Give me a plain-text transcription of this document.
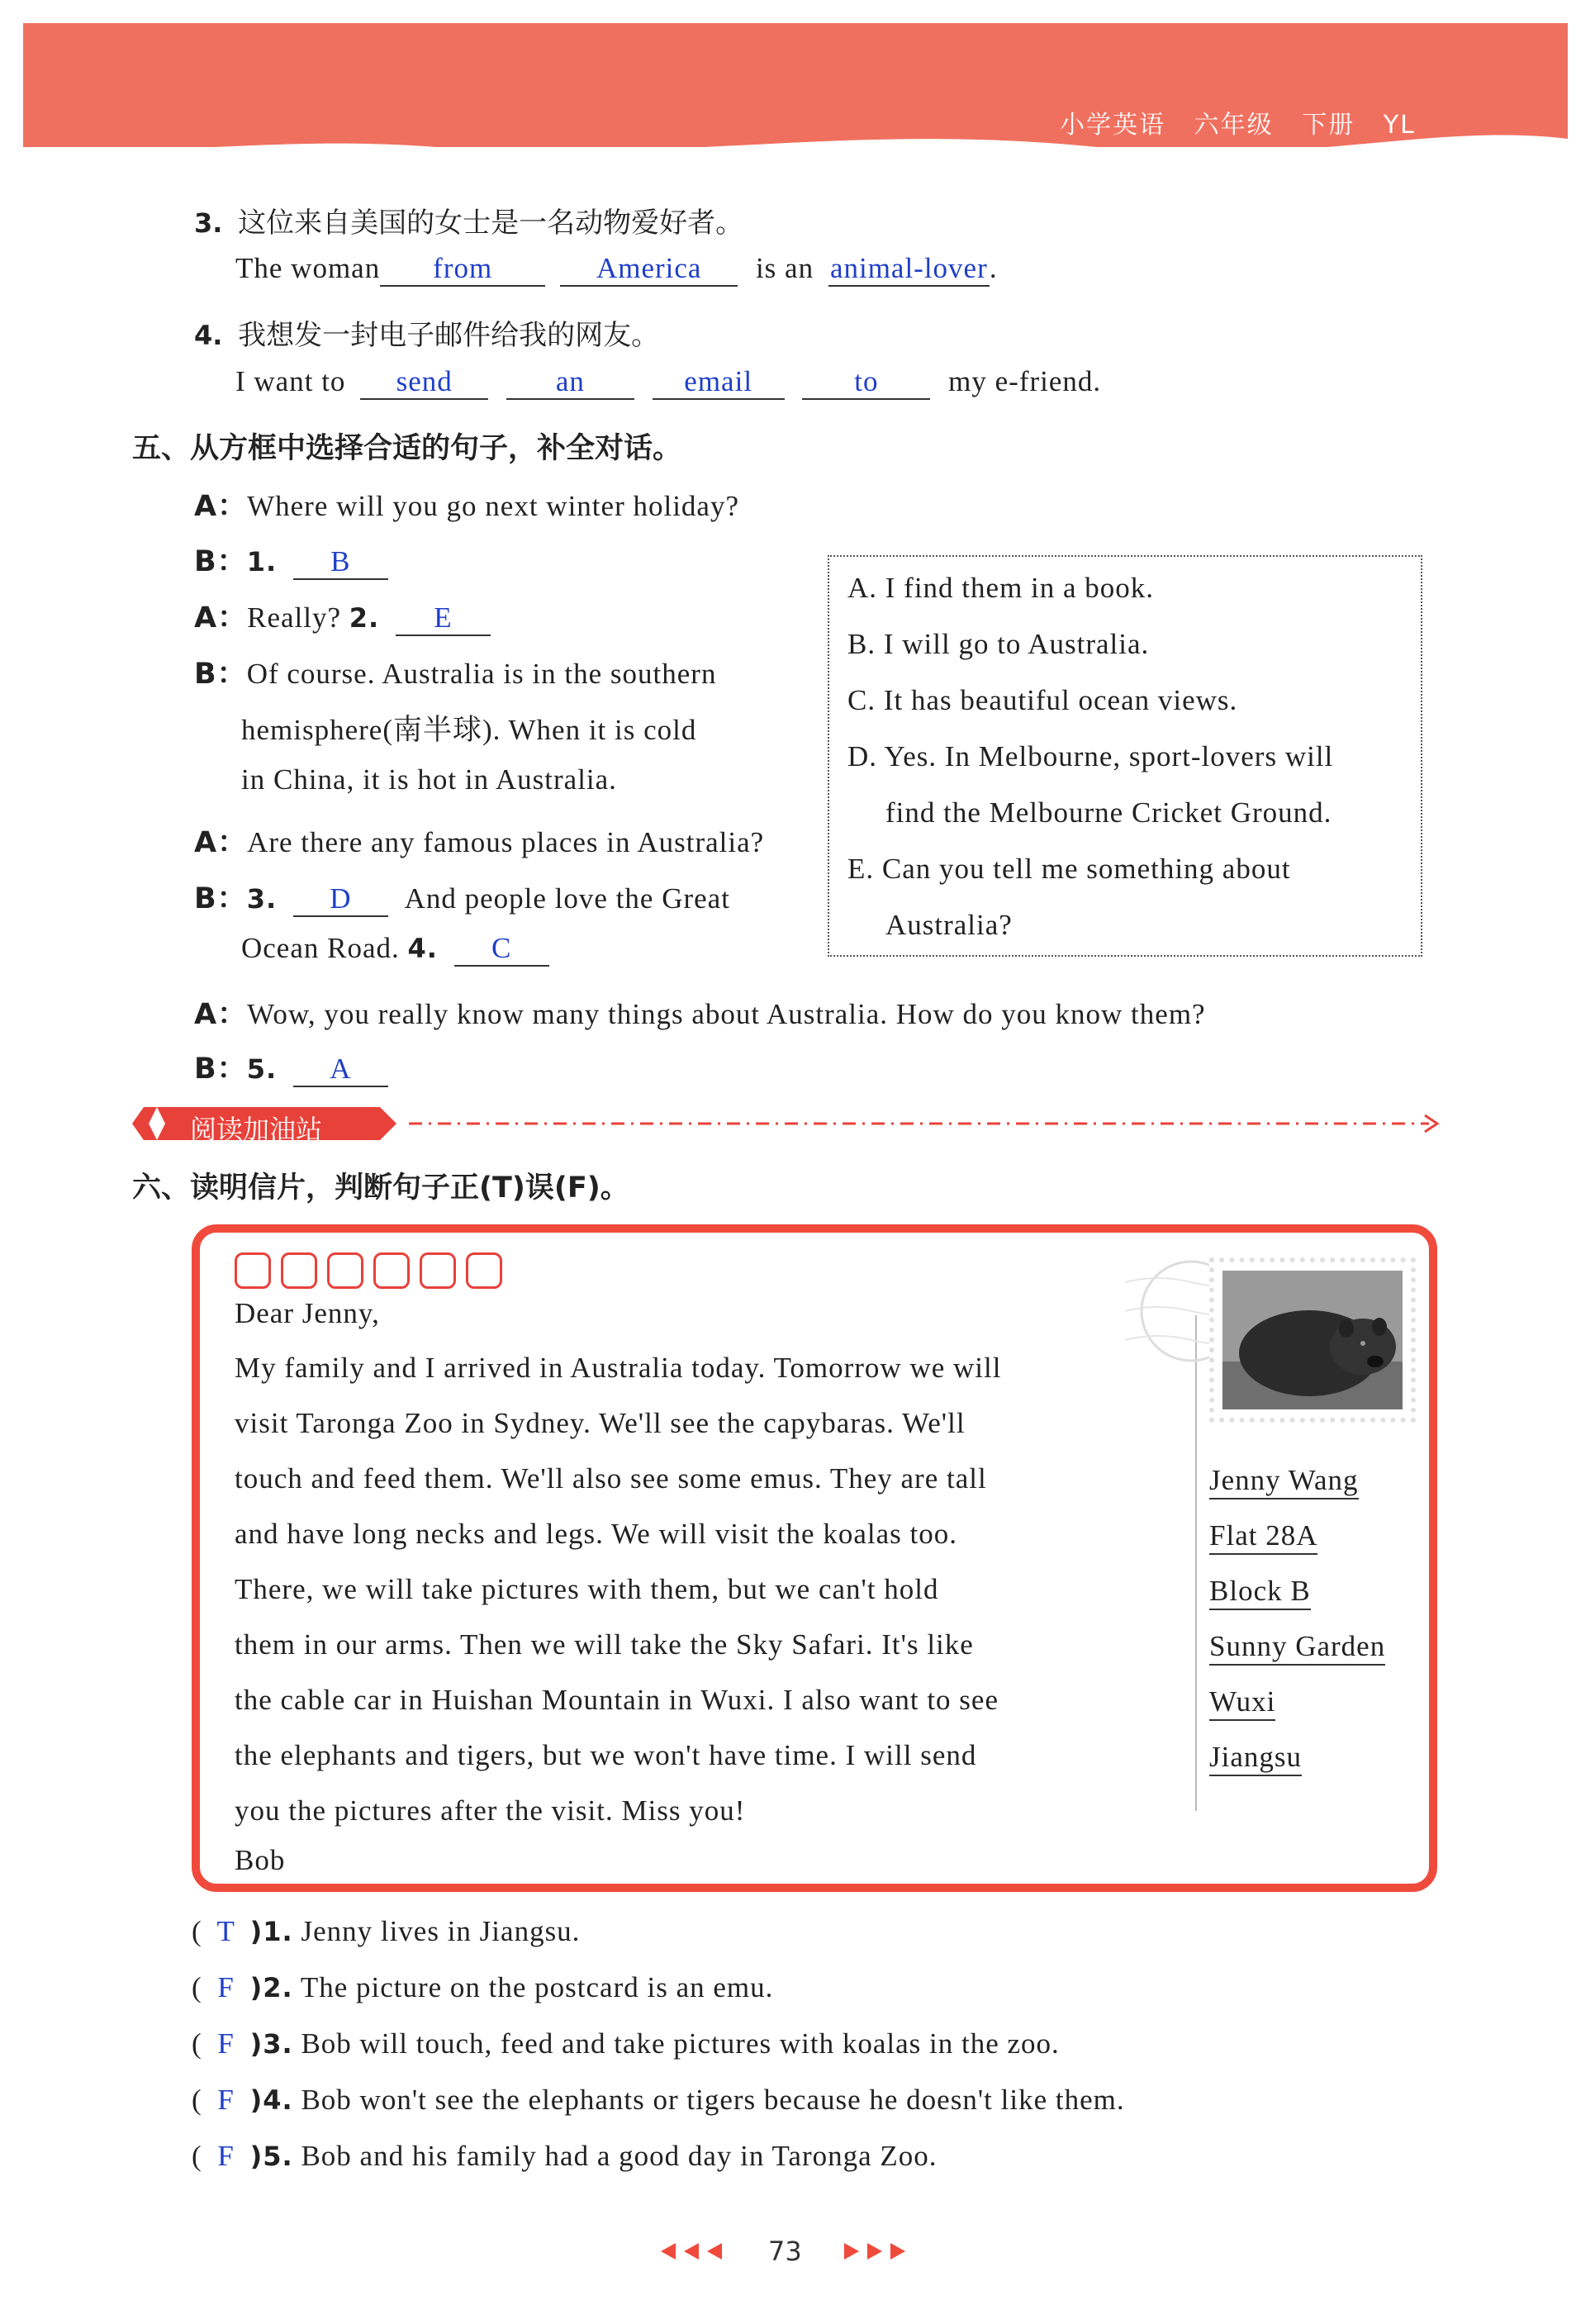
小学英语 六年级 下册 YL
3. 这位来自美国的女士是一名动物爱好者。
The woman from	America is an animal-lover.
4. 我想发一封电子邮件给我的网友。
I want to send	an	email	to my e-friend.
五、从方框中选择合适的句子，补全对话。
A：Where will you go next winter holiday?
B：1. B
A：Really? 2. E
B：Of course. Australia is in the southern
hemisphere(南半球). When it is cold
in China, it is hot in Australia.
A：Are there any famous places in Australia?
B：3. D And people love the Great
Ocean Road. 4. C
A：Wow, you really know many things about Australia. How do you know them?
B：5. A
A. I find them in a book.
B. I will go to Australia.
C. It has beautiful ocean views.
D. Yes. In Melbourne, sport-lovers will
find the Melbourne Cricket Ground.
E. Can you tell me something about
Australia?
阅读加油站
六、读明信片，判断句子正(T)误(F)。
Dear Jenny,
My family and I arrived in Australia today. Tomorrow we will
visit Taronga Zoo in Sydney. We'll see the capybaras. We'll
touch and feed them. We'll also see some emus. They are tall
and have long necks and legs. We will visit the koalas too.
There, we will take pictures with them, but we can't hold
them in our arms. Then we will take the Sky Safari. It's like
the cable car in Huishan Mountain in Wuxi. I also want to see
the elephants and tigers, but we won't have time. I will send
you the pictures after the visit. Miss you!
Bob
Jenny Wang
Flat 28A
Block B
Sunny Garden
Wuxi
Jiangsu
( T )1. Jenny lives in Jiangsu.
( F )2. The picture on the postcard is an emu.
( F )3. Bob will touch, feed and take pictures with koalas in the zoo.
( F )4. Bob won't see the elephants or tigers because he doesn't like them.
( F )5. Bob and his family had a good day in Taronga Zoo.
73
